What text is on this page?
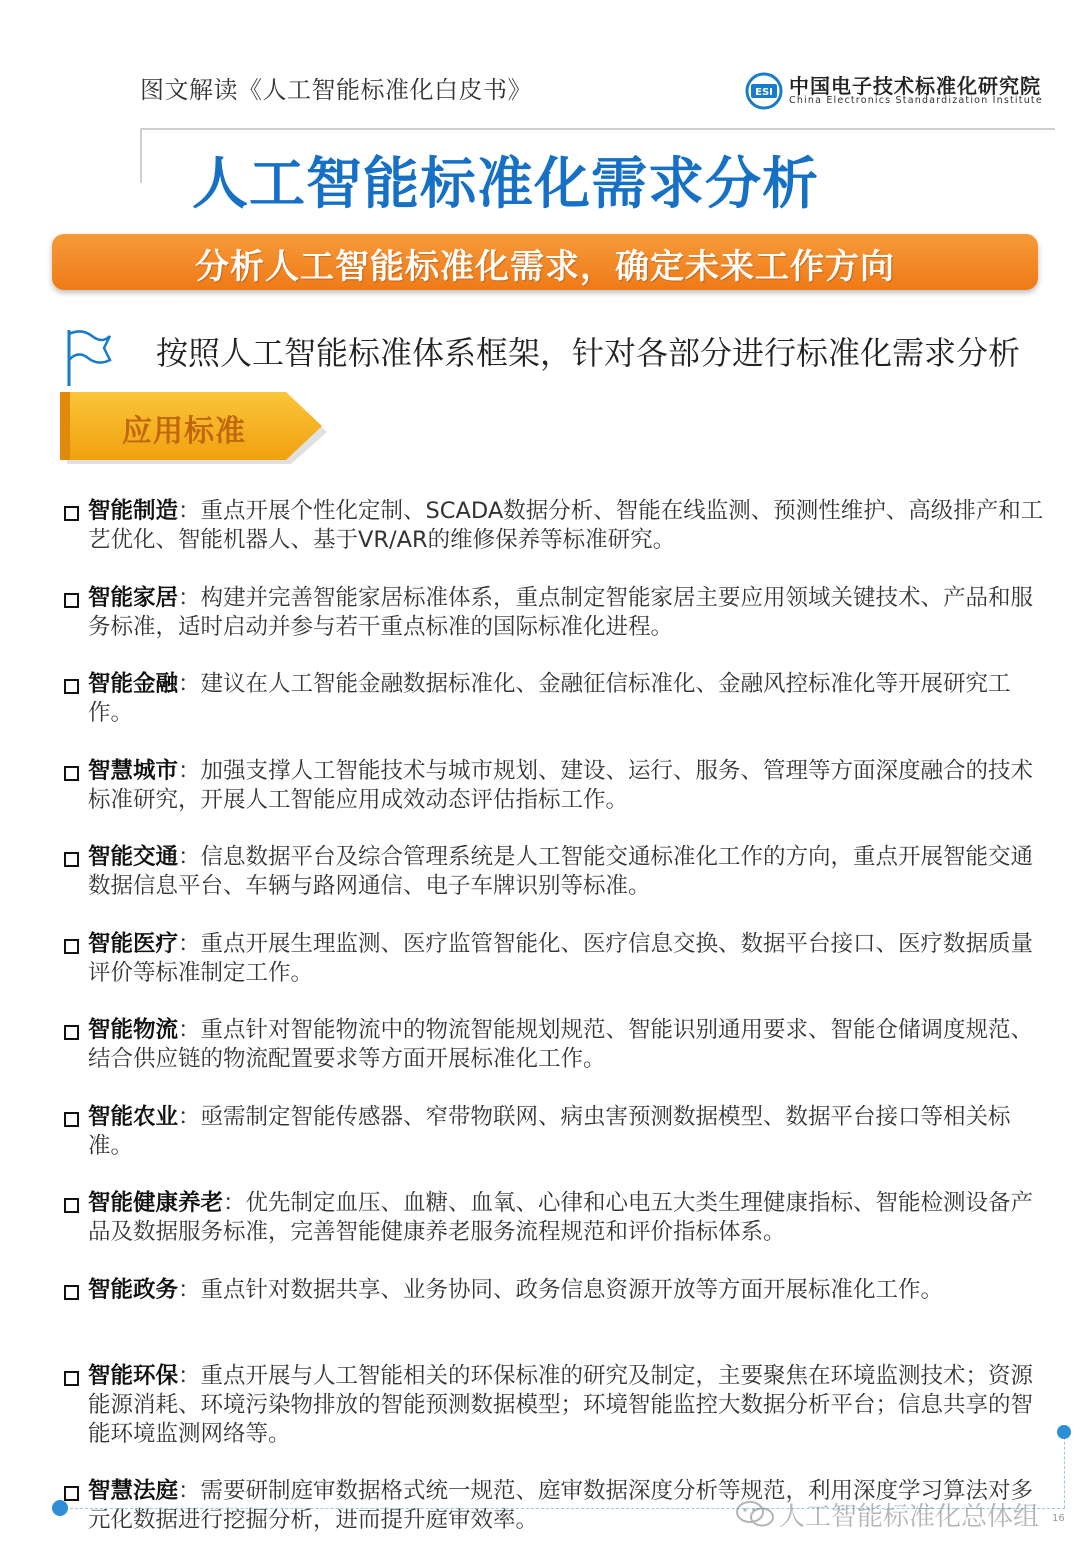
图文解读《人工智能标准化白皮书》	ESI 中国电子技术标准化研究院
China Electronics Standardization Institute
人工智能标准化需求分析
分析人工智能标准化需求，确定未来工作方向
按照人工智能标准体系框架，针对各部分进行标准化需求分析
应用标准
智能制造：重点开展个性化定制、SCADA数据分析、智能在线监测、预测性维护、高级排产和工艺优化、智能机器人、基于VR/AR的维修保养等标准研究。
智能家居：构建并完善智能家居标准体系，重点制定智能家居主要应用领域关键技术、产品和服务标准，适时启动并参与若干重点标准的国际标准化进程。
智能金融：建议在人工智能金融数据标准化、金融征信标准化、金融风控标准化等开展研究工作。
智慧城市：加强支撑人工智能技术与城市规划、建设、运行、服务、管理等方面深度融合的技术标准研究，开展人工智能应用成效动态评估指标工作。
智能交通：信息数据平台及综合管理系统是人工智能交通标准化工作的方向，重点开展智能交通数据信息平台、车辆与路网通信、电子车牌识别等标准。
智能医疗：重点开展生理监测、医疗监管智能化、医疗信息交换、数据平台接口、医疗数据质量评价等标准制定工作。
智能物流：重点针对智能物流中的物流智能规划规范、智能识别通用要求、智能仓储调度规范、结合供应链的物流配置要求等方面开展标准化工作。
智能农业：亟需制定智能传感器、窄带物联网、病虫害预测数据模型、数据平台接口等相关标准。
智能健康养老：优先制定血压、血糖、血氧、心律和心电五大类生理健康指标、智能检测设备产品及数据服务标准，完善智能健康养老服务流程规范和评价指标体系。
智能政务：重点针对数据共享、业务协同、政务信息资源开放等方面开展标准化工作。
智能环保：重点开展与人工智能相关的环保标准的研究及制定，主要聚焦在环境监测技术；资源能源消耗、环境污染物排放的智能预测数据模型；环境智能监控大数据分析平台；信息共享的智能环境监测网络等。
智慧法庭：需要研制庭审数据格式统一规范、庭审数据深度分析等规范，利用深度学习算法对多元化数据进行挖掘分析，进而提升庭审效率。	人工智能标准化总体组 16
